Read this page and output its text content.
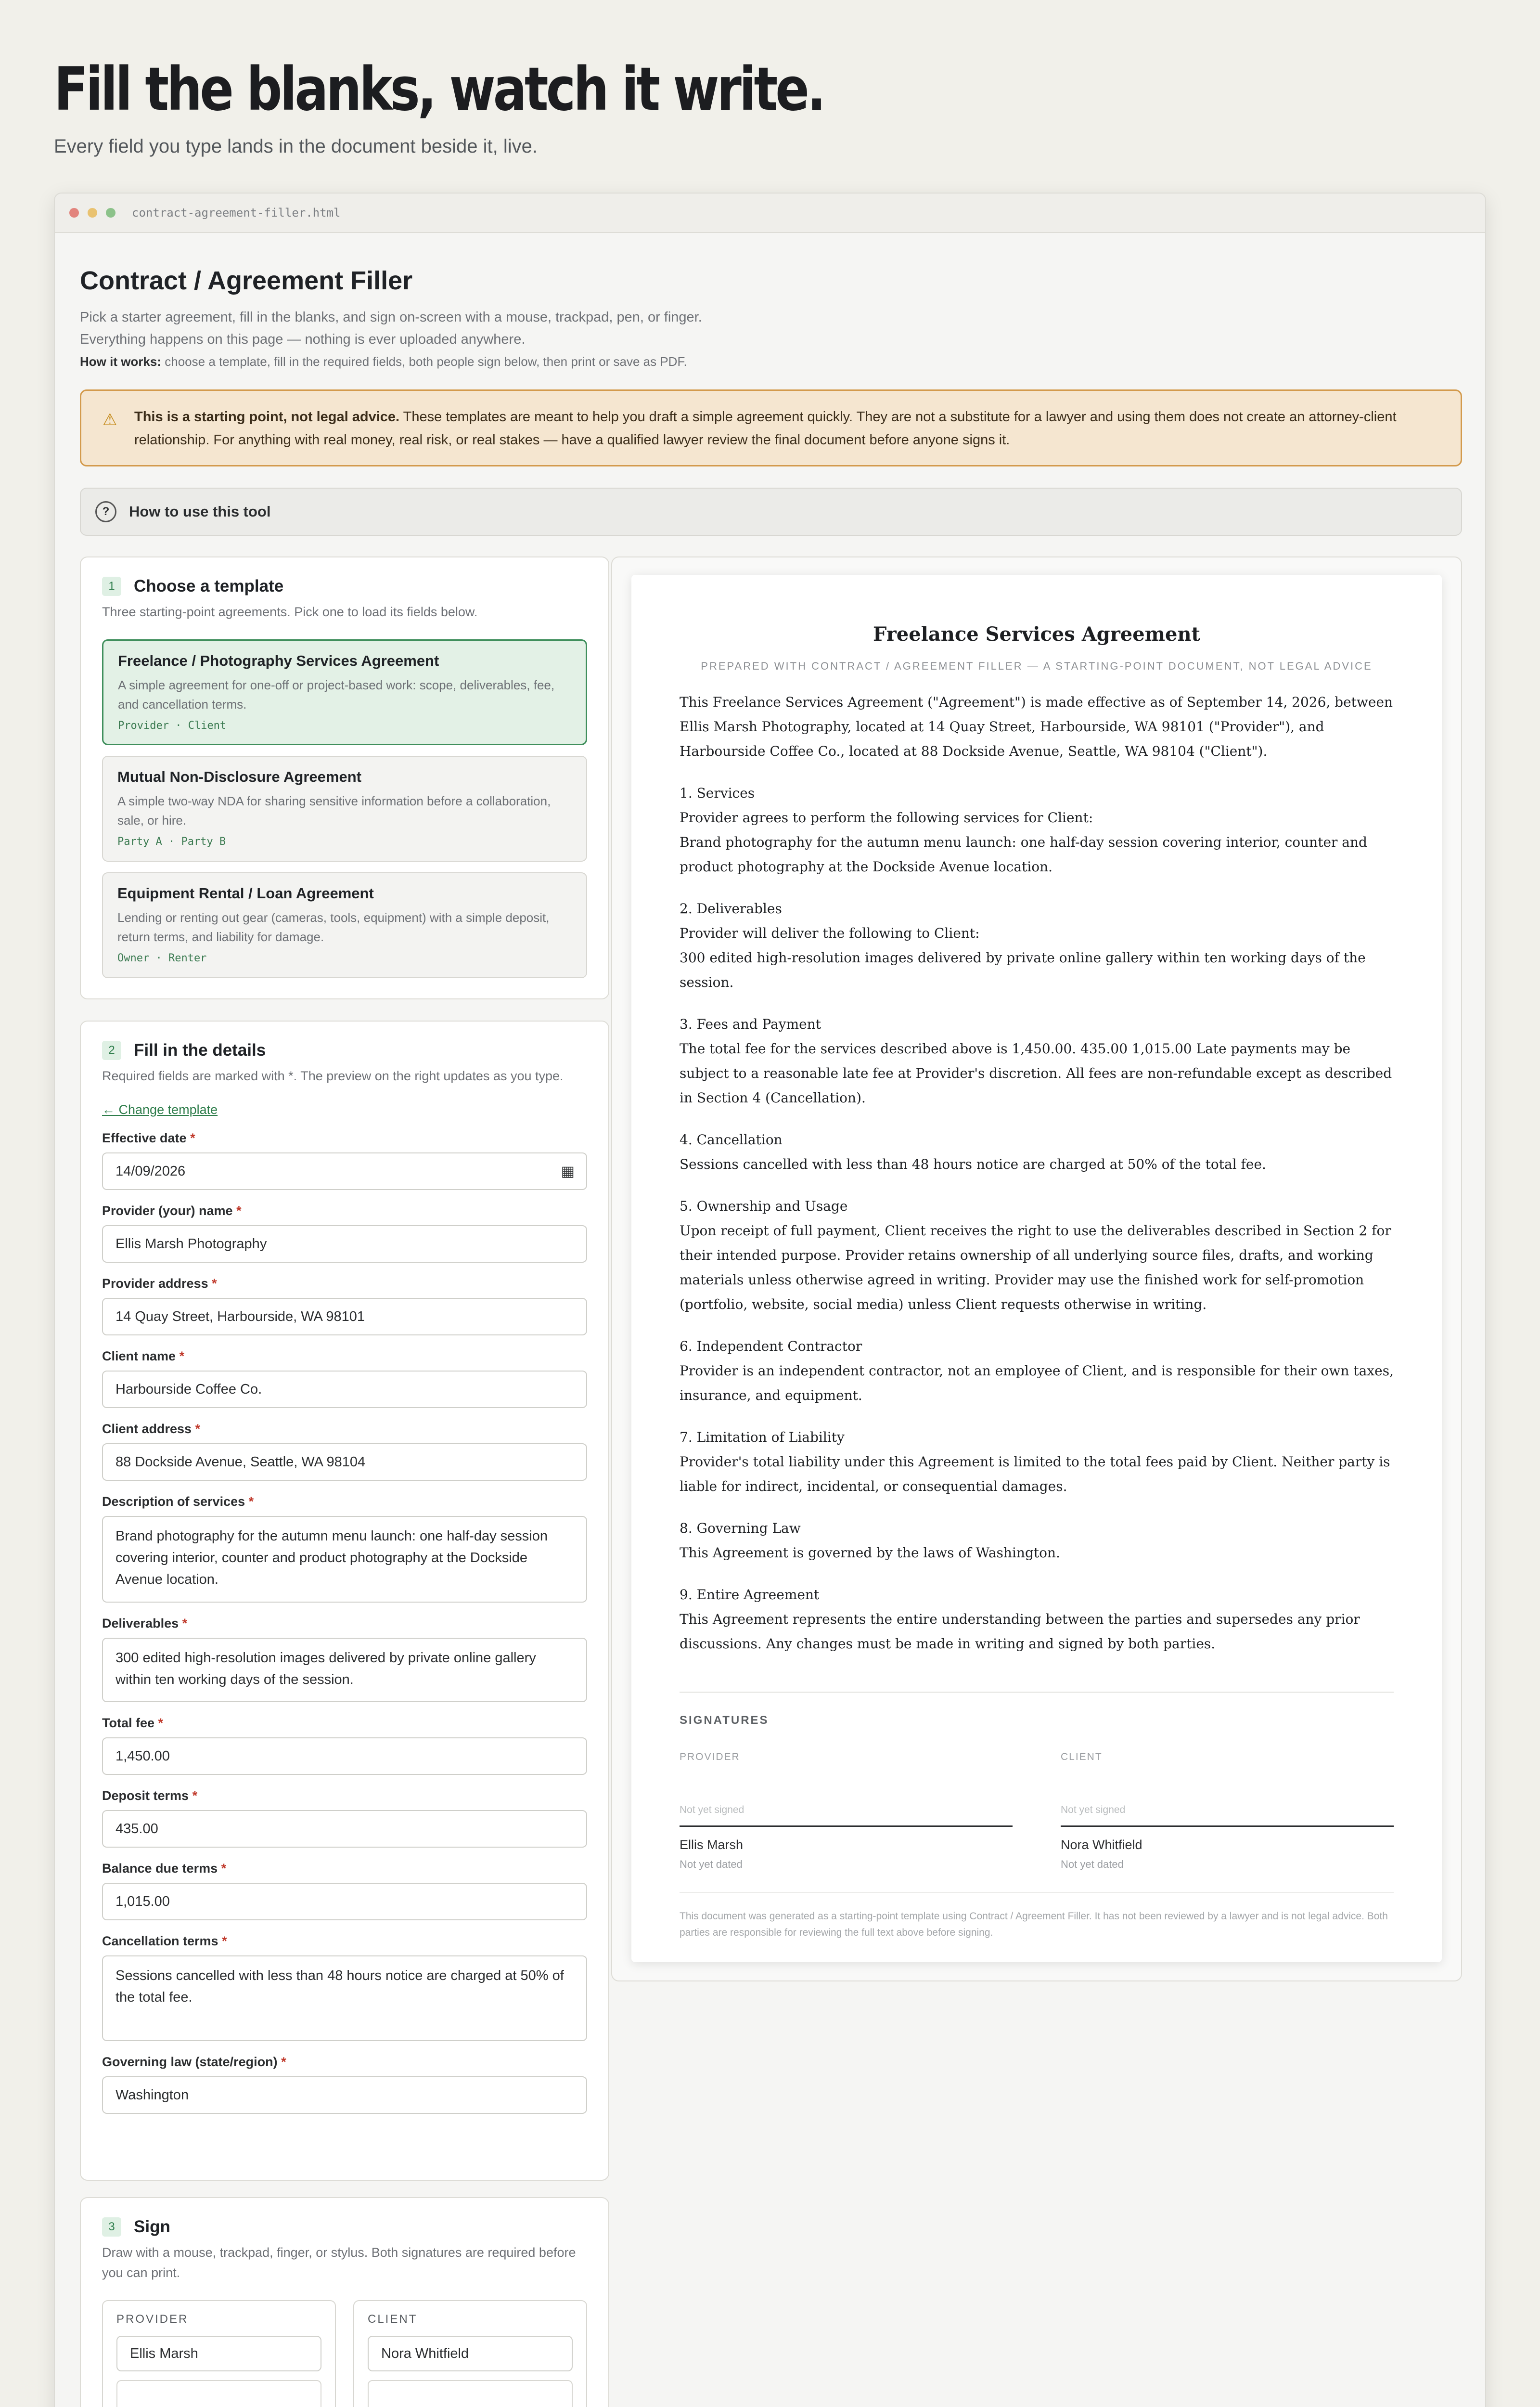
Fill the blanks, watch it write.
Every field you type lands in the document beside it, live.
contract-agreement-filler.html
Contract / Agreement Filler
Pick a starter agreement, fill in the blanks, and sign on-screen with a mouse, trackpad, pen, or finger. Everything happens on this page — nothing is ever uploaded anywhere.
How it works: choose a template, fill in the required fields, both people sign below, then print or save as PDF.
⚠ This is a starting point, not legal advice. These templates are meant to help you draft a simple agreement quickly. They are not a substitute for a lawyer and using them does not create an attorney-client relationship. For anything with real money, real risk, or real stakes — have a qualified lawyer review the final document before anyone signs it.
?	How to use this tool
1	Choose a template
Three starting-point agreements. Pick one to load its fields below.
Freelance / Photography Services Agreement
A simple agreement for one-off or project-based work: scope, deliverables, fee, and cancellation terms.
Provider · Client
Mutual Non-Disclosure Agreement
A simple two-way NDA for sharing sensitive information before a collaboration, sale, or hire.
Party A · Party B
Equipment Rental / Loan Agreement
Lending or renting out gear (cameras, tools, equipment) with a simple deposit, return terms, and liability for damage.
Owner · Renter
2	Fill in the details
Required fields are marked with *. The preview on the right updates as you type.
← Change template
Effective date *
14/09/2026	▦
Provider (your) name *
Ellis Marsh Photography
Provider address *
14 Quay Street, Harbourside, WA 98101
Client name *
Harbourside Coffee Co.
Client address *
88 Dockside Avenue, Seattle, WA 98104
Description of services *
Brand photography for the autumn menu launch: one half-day session covering interior, counter and product photography at the Dockside Avenue location.
Deliverables *
300 edited high-resolution images delivered by private online gallery within ten working days of the session.
Total fee *
1,450.00
Deposit terms *
435.00
Balance due terms *
1,015.00
Cancellation terms *
Sessions cancelled with less than 48 hours notice are charged at 50% of the total fee.
Governing law (state/region) *
Washington
3	Sign
Draw with a mouse, trackpad, finger, or stylus. Both signatures are required before you can print.
PROVIDER
Ellis Marsh
CLIENT
Nora Whitfield
Freelance Services Agreement
PREPARED WITH CONTRACT / AGREEMENT FILLER — A STARTING-POINT DOCUMENT, NOT LEGAL ADVICE

This Freelance Services Agreement ("Agreement") is made effective as of September 14, 2026, between Ellis Marsh Photography, located at 14 Quay Street, Harbourside, WA 98101 ("Provider"), and Harbourside Coffee Co., located at 88 Dockside Avenue, Seattle, WA 98104 ("Client").

1. Services
Provider agrees to perform the following services for Client:
Brand photography for the autumn menu launch: one half-day session covering interior, counter and product photography at the Dockside Avenue location.
2. Deliverables
Provider will deliver the following to Client:
300 edited high-resolution images delivered by private online gallery within ten working days of the session.
3. Fees and Payment
The total fee for the services described above is 1,450.00. 435.00 1,015.00 Late payments may be subject to a reasonable late fee at Provider's discretion. All fees are non-refundable except as described in Section 4 (Cancellation).
4. Cancellation
Sessions cancelled with less than 48 hours notice are charged at 50% of the total fee.
5. Ownership and Usage
Upon receipt of full payment, Client receives the right to use the deliverables described in Section 2 for their intended purpose. Provider retains ownership of all underlying source files, drafts, and working materials unless otherwise agreed in writing. Provider may use the finished work for self-promotion (portfolio, website, social media) unless Client requests otherwise in writing.
6. Independent Contractor
Provider is an independent contractor, not an employee of Client, and is responsible for their own taxes, insurance, and equipment.
7. Limitation of Liability
Provider's total liability under this Agreement is limited to the total fees paid by Client. Neither party is liable for indirect, incidental, or consequential damages.
8. Governing Law
This Agreement is governed by the laws of Washington.
9. Entire Agreement
This Agreement represents the entire understanding between the parties and supersedes any prior discussions. Any changes must be made in writing and signed by both parties.
SIGNATURES
PROVIDER
Not yet signed
Ellis Marsh
Not yet dated
CLIENT
Not yet signed
Nora Whitfield
Not yet dated
This document was generated as a starting-point template using Contract / Agreement Filler. It has not been reviewed by a lawyer and is not legal advice. Both parties are responsible for reviewing the full text above before signing.
